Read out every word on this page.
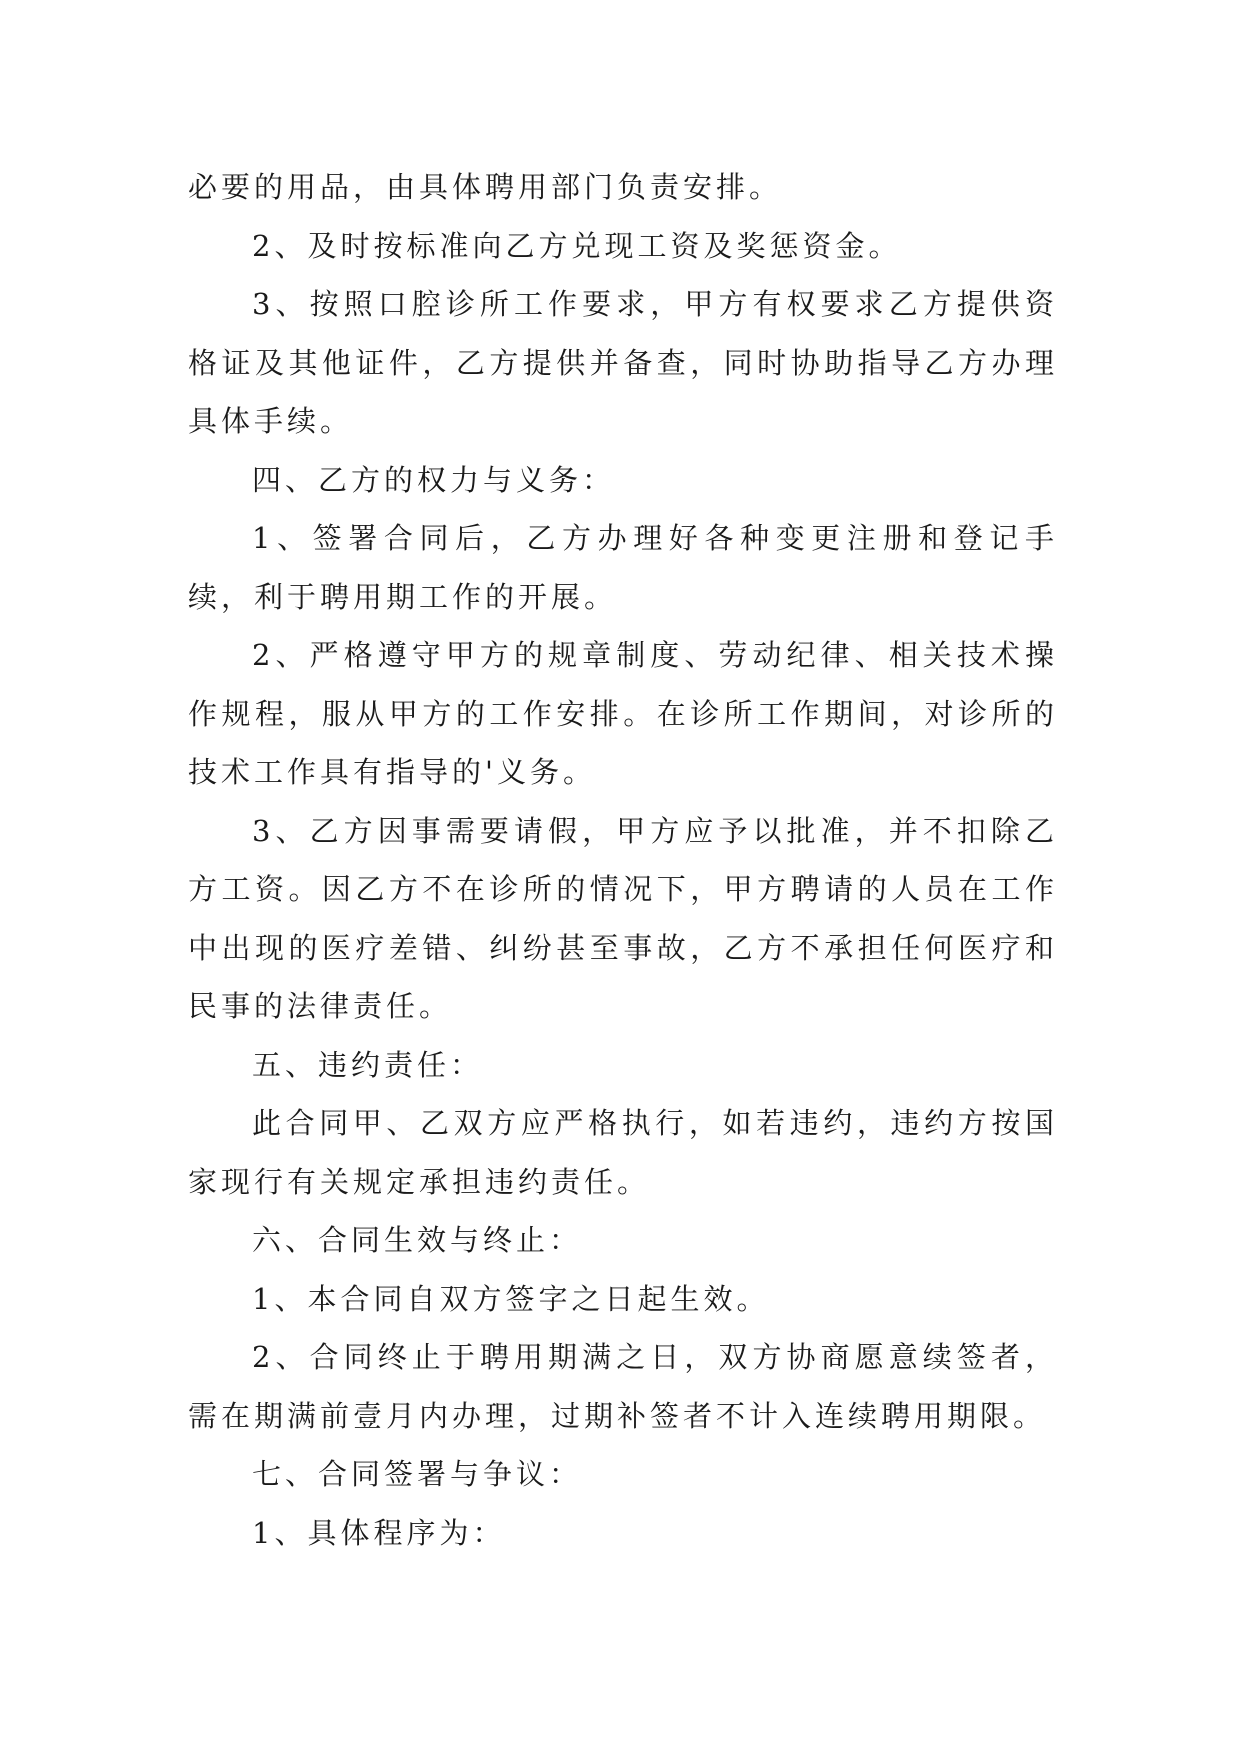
必要的用品，由具体聘用部门负责安排。

2、及时按标准向乙方兑现工资及奖惩资金。

3、按照口腔诊所工作要求，甲方有权要求乙方提供资格证及其他证件，乙方提供并备查，同时协助指导乙方办理具体手续。

四、乙方的权力与义务：

1、签署合同后，乙方办理好各种变更注册和登记手续，利于聘用期工作的开展。

2、严格遵守甲方的规章制度、劳动纪律、相关技术操作规程，服从甲方的工作安排。在诊所工作期间，对诊所的技术工作具有指导的'义务。

3、乙方因事需要请假，甲方应予以批准，并不扣除乙方工资。因乙方不在诊所的情况下，甲方聘请的人员在工作中出现的医疗差错、纠纷甚至事故，乙方不承担任何医疗和民事的法律责任。

五、违约责任：

此合同甲、乙双方应严格执行，如若违约，违约方按国家现行有关规定承担违约责任。

六、合同生效与终止：

1、本合同自双方签字之日起生效。

2、合同终止于聘用期满之日，双方协商愿意续签者，需在期满前壹月内办理，过期补签者不计入连续聘用期限。

七、合同签署与争议：

1、具体程序为：
